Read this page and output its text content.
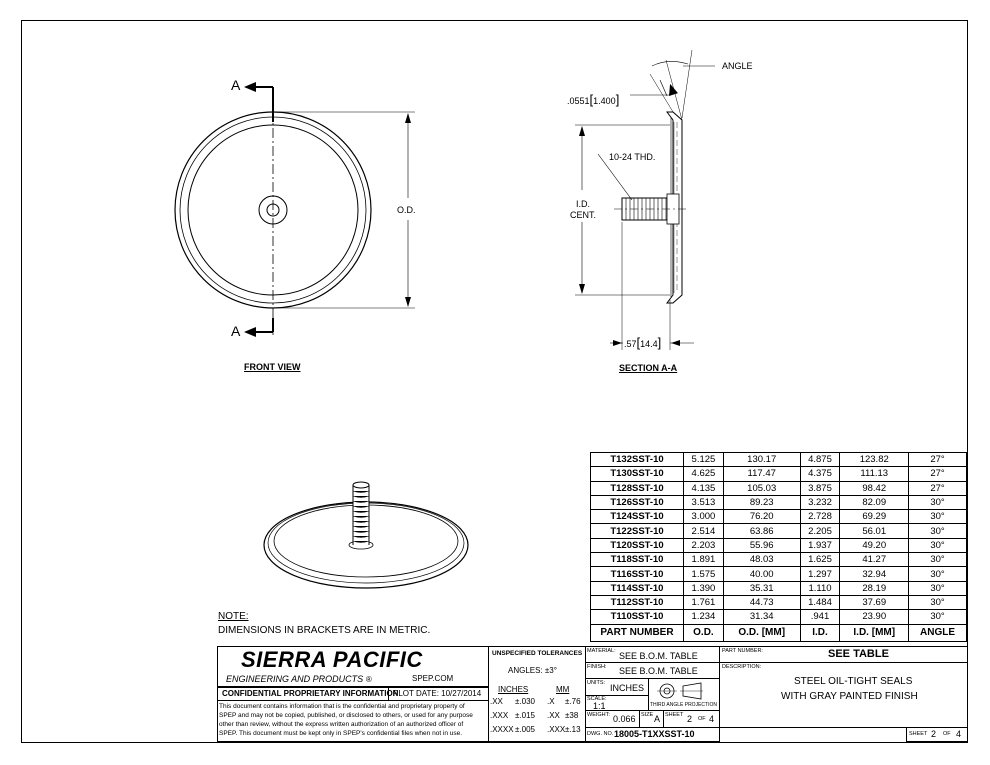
A
A
O.D.
FRONT VIEW
ANGLE
.0551[1.400]
10-24 THD.
I.D.
CENT.
.57[14.4]
SECTION A-A
NOTE:
DIMENSIONS IN BRACKETS ARE IN METRIC.
T132SST-10	5.125	130.17	4.875	123.82	27°
T130SST-10	4.625	117.47	4.375	111.13	27°
T128SST-10	4.135	105.03	3.875	98.42	27°
T126SST-10	3.513	89.23	3.232	82.09	30°
T124SST-10	3.000	76.20	2.728	69.29	30°
T122SST-10	2.514	63.86	2.205	56.01	30°
T120SST-10	2.203	55.96	1.937	49.20	30°
T118SST-10	1.891	48.03	1.625	41.27	30°
T116SST-10	1.575	40.00	1.297	32.94	30°
T114SST-10	1.390	35.31	1.110	28.19	30°
T112SST-10	1.761	44.73	1.484	37.69	30°
T110SST-10	1.234	31.34	.941	23.90	30°
PART NUMBER	O.D.	O.D. [MM]	I.D.	I.D. [MM]	ANGLE
SIERRA PACIFIC
ENGINEERING AND PRODUCTS ®	SPEP.COM
CONFIDENTIAL PROPRIETARY INFORMATION
PLOT DATE: 10/27/2014
This document contains information that is the confidential and proprietary property of
SPEP and may not be copied, published, or disclosed to others, or used for any purpose
other than review, without the express written authorization of an authorized officer of
SPEP. This document must be kept only in SPEP's confidential files when not in use.
UNSPECIFIED TOLERANCES
ANGLES: ±3°
INCHES	MM
.XX ±.030 .X ±.76
.XXX ±.015 .XX ±38
.XXXX ±.005 .XXX ±.13
MATERIAL: SEE B.O.M. TABLE
FINISH: SEE B.O.M. TABLE
UNITS: INCHES
SCALE:
1:1	THIRD ANGLE PROJECTION
WEIGHT: 0.066 SIZE A SHEET 2 OF 4
DWG. NO. 18005-T1XXSST-10
PART NUMBER:	SEE TABLE
DESCRIPTION:
STEEL OIL-TIGHT SEALS
WITH GRAY PAINTED FINISH
SHEET 2 OF 4
